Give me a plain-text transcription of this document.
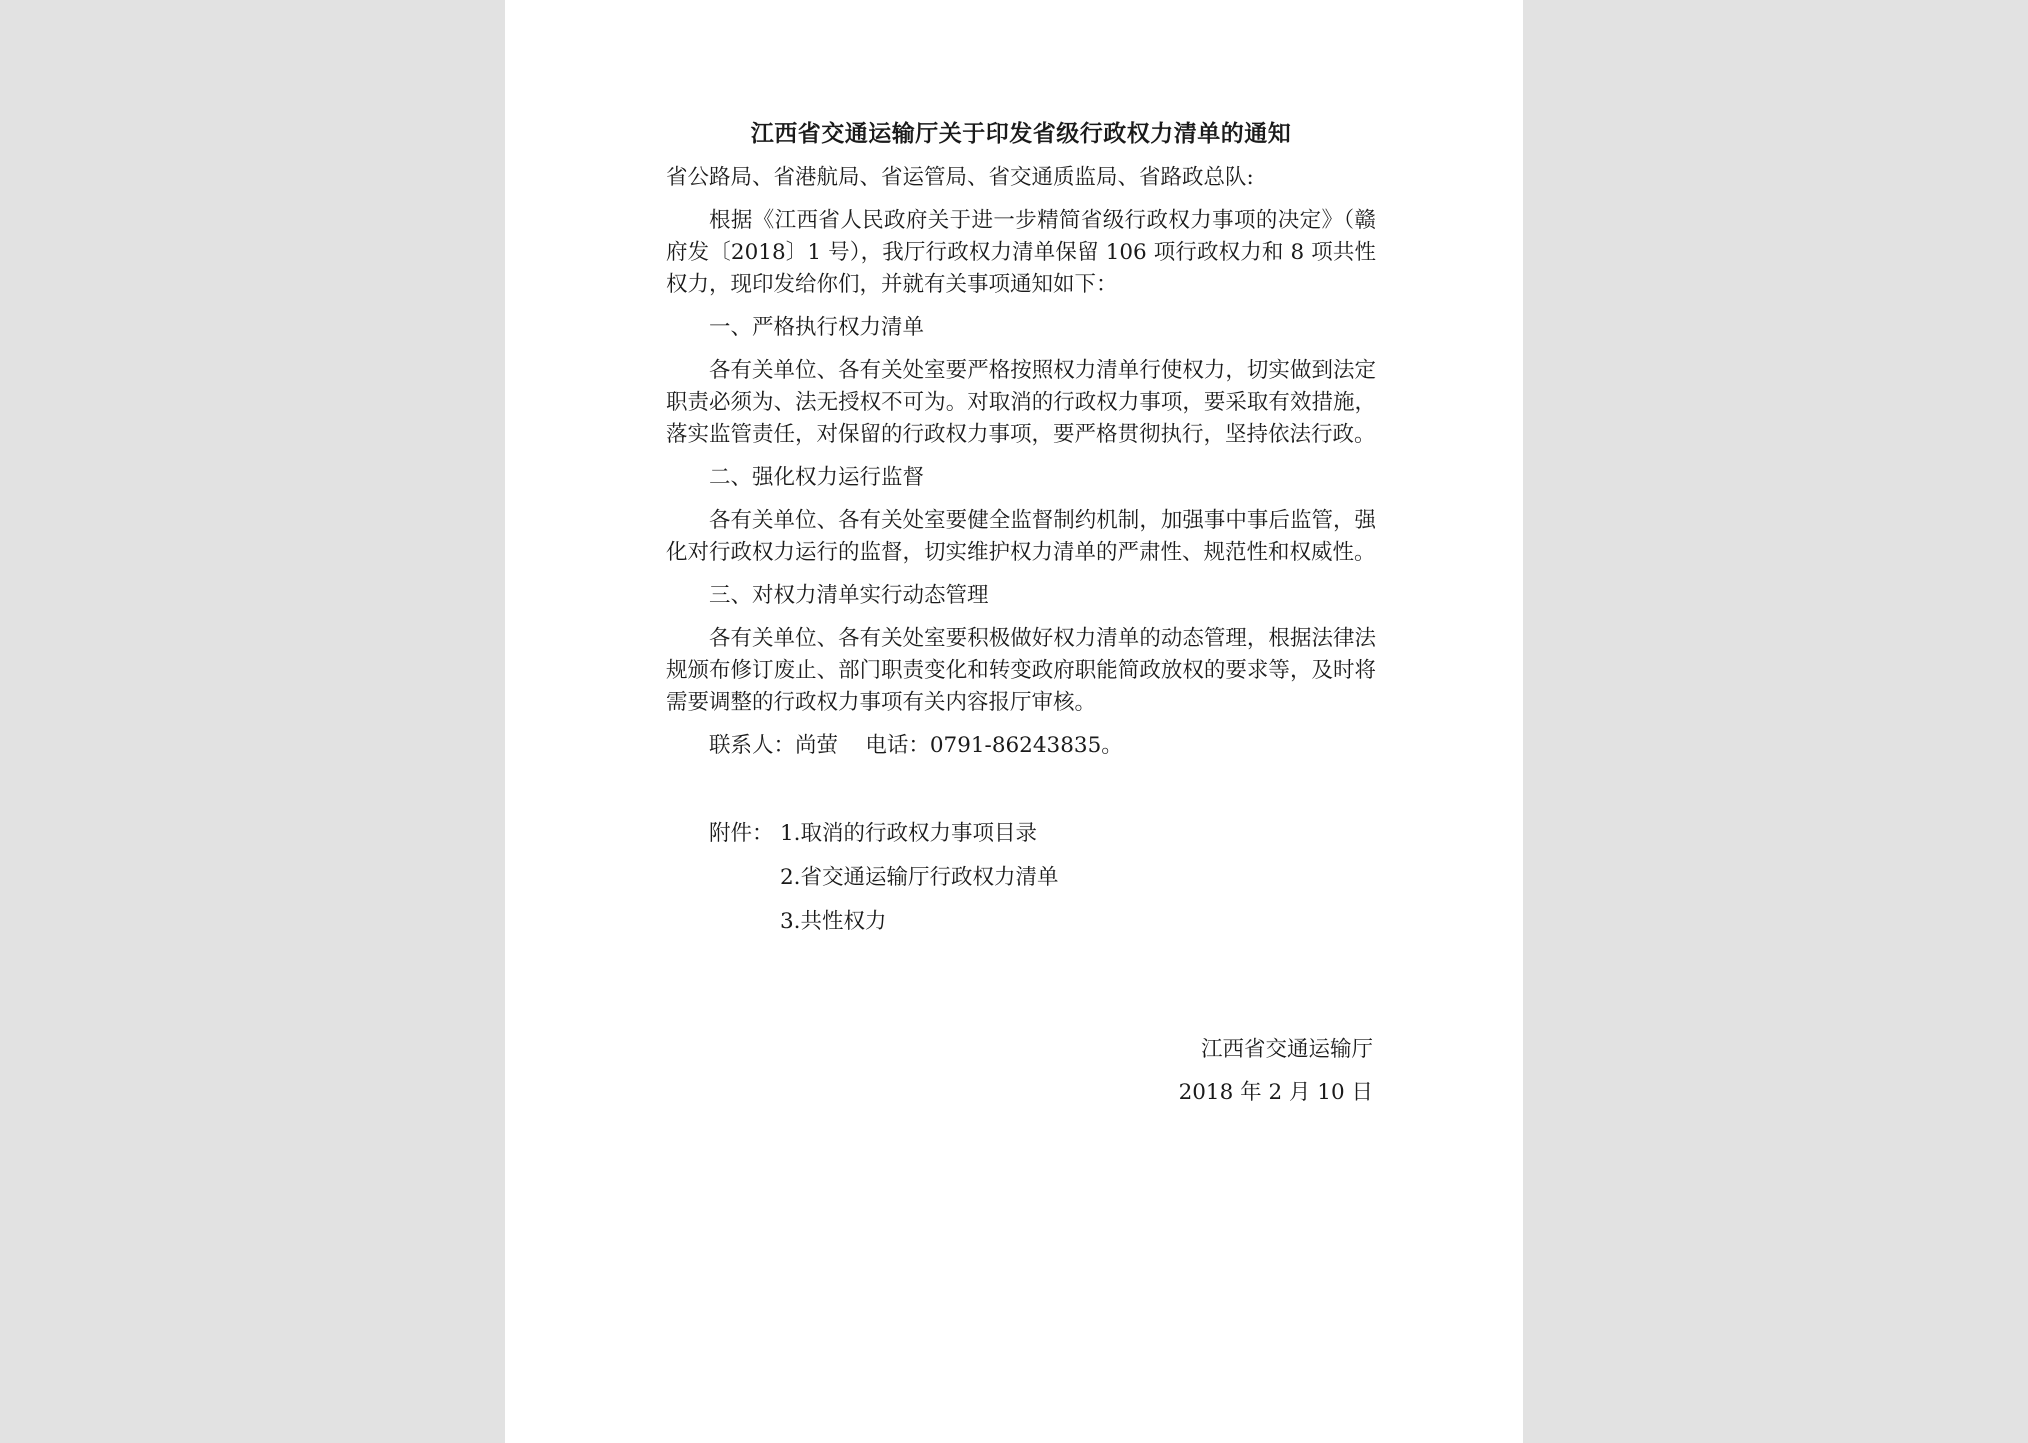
江西省交通运输厅关于印发省级行政权力清单的通知
省公路局、省港航局、省运管局、省交通质监局、省路政总队:
根据《江西省人民政府关于进一步精简省级行政权力事项的决定》（赣府发〔2018〕1 号），我厅行政权力清单保留 106 项行政权力和 8 项共性权力，现印发给你们，并就有关事项通知如下：
一、严格执行权力清单
各有关单位、各有关处室要严格按照权力清单行使权力，切实做到法定职责必须为、法无授权不可为。对取消的行政权力事项，要采取有效措施，落实监管责任，对保留的行政权力事项，要严格贯彻执行，坚持依法行政。
二、强化权力运行监督
各有关单位、各有关处室要健全监督制约机制，加强事中事后监管，强化对行政权力运行的监督，切实维护权力清单的严肃性、规范性和权威性。
三、对权力清单实行动态管理
各有关单位、各有关处室要积极做好权力清单的动态管理，根据法律法规颁布修订废止、部门职责变化和转变政府职能简政放权的要求等，及时将需要调整的行政权力事项有关内容报厅审核。
联系人：尚萤    电话：0791-86243835。
附件： 1.取消的行政权力事项目录
2.省交通运输厅行政权力清单
3.共性权力
江西省交通运输厅
2018 年 2 月 10 日
